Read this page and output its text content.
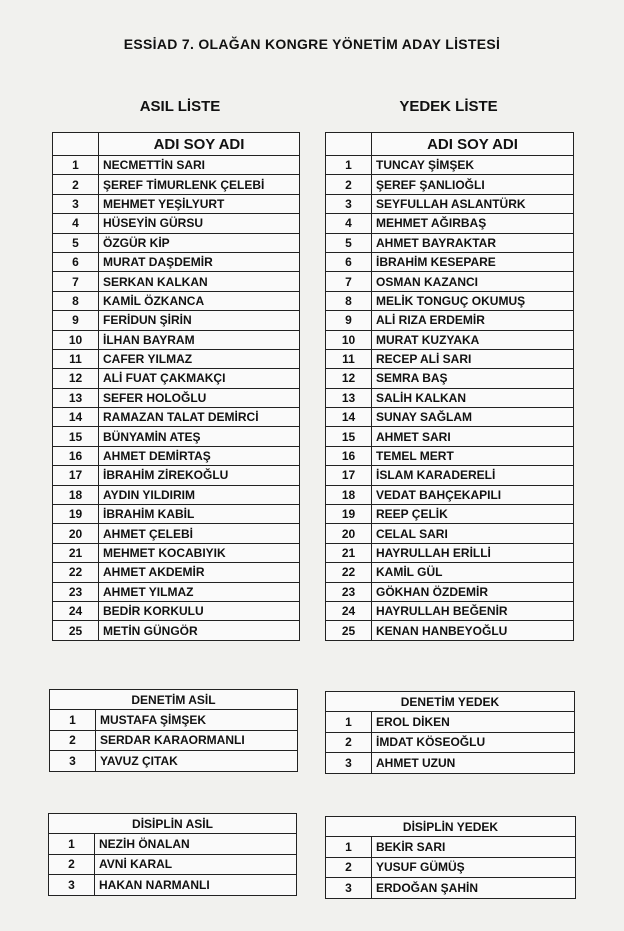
ESSİAD 7. OLAĞAN KONGRE YÖNETİM ADAY LİSTESİ
ASIL LİSTE	YEDEK LİSTE
	ADI SOY ADI
1	NECMETTİN SARI
2	ŞEREF TİMURLENK ÇELEBİ
3	MEHMET YEŞİLYURT
4	HÜSEYİN GÜRSU
5	ÖZGÜR KİP
6	MURAT DAŞDEMİR
7	SERKAN KALKAN
8	KAMİL ÖZKANCA
9	FERİDUN ŞİRİN
10	İLHAN BAYRAM
11	CAFER YILMAZ
12	ALİ FUAT ÇAKMAKÇI
13	SEFER HOLOĞLU
14	RAMAZAN TALAT DEMİRCİ
15	BÜNYAMİN ATEŞ
16	AHMET DEMİRTAŞ
17	İBRAHİM ZİREKOĞLU
18	AYDIN YILDIRIM
19	İBRAHİM KABİL
20	AHMET ÇELEBİ
21	MEHMET KOCABIYIK
22	AHMET AKDEMİR
23	AHMET YILMAZ
24	BEDİR KORKULU
25	METİN GÜNGÖR
	ADI SOY ADI
1	TUNCAY ŞİMŞEK
2	ŞEREF ŞANLIOĞLI
3	SEYFULLAH ASLANTÜRK
4	MEHMET AĞIRBAŞ
5	AHMET BAYRAKTAR
6	İBRAHİM KESEPARE
7	OSMAN KAZANCI
8	MELİK TONGUÇ OKUMUŞ
9	ALİ RIZA ERDEMİR
10	MURAT KUZYAKA
11	RECEP ALİ SARI
12	SEMRA BAŞ
13	SALİH KALKAN
14	SUNAY SAĞLAM
15	AHMET SARI
16	TEMEL MERT
17	İSLAM KARADERELİ
18	VEDAT BAHÇEKAPILI
19	REEP ÇELİK
20	CELAL SARI
21	HAYRULLAH ERİLLİ
22	KAMİL GÜL
23	GÖKHAN ÖZDEMİR
24	HAYRULLAH BEĞENİR
25	KENAN HANBEYOĞLU
DENETİM ASİL	
1	MUSTAFA ŞİMŞEK
2	SERDAR KARAORMANLI
3	YAVUZ ÇITAK
DENETİM YEDEK	
1	EROL DİKEN
2	İMDAT KÖSEOĞLU
3	AHMET UZUN
DİSİPLİN ASİL	
1	NEZİH ÖNALAN
2	AVNİ KARAL
3	HAKAN NARMANLI
DİSİPLİN YEDEK	
1	BEKİR SARI
2	YUSUF GÜMÜŞ
3	ERDOĞAN ŞAHİN
